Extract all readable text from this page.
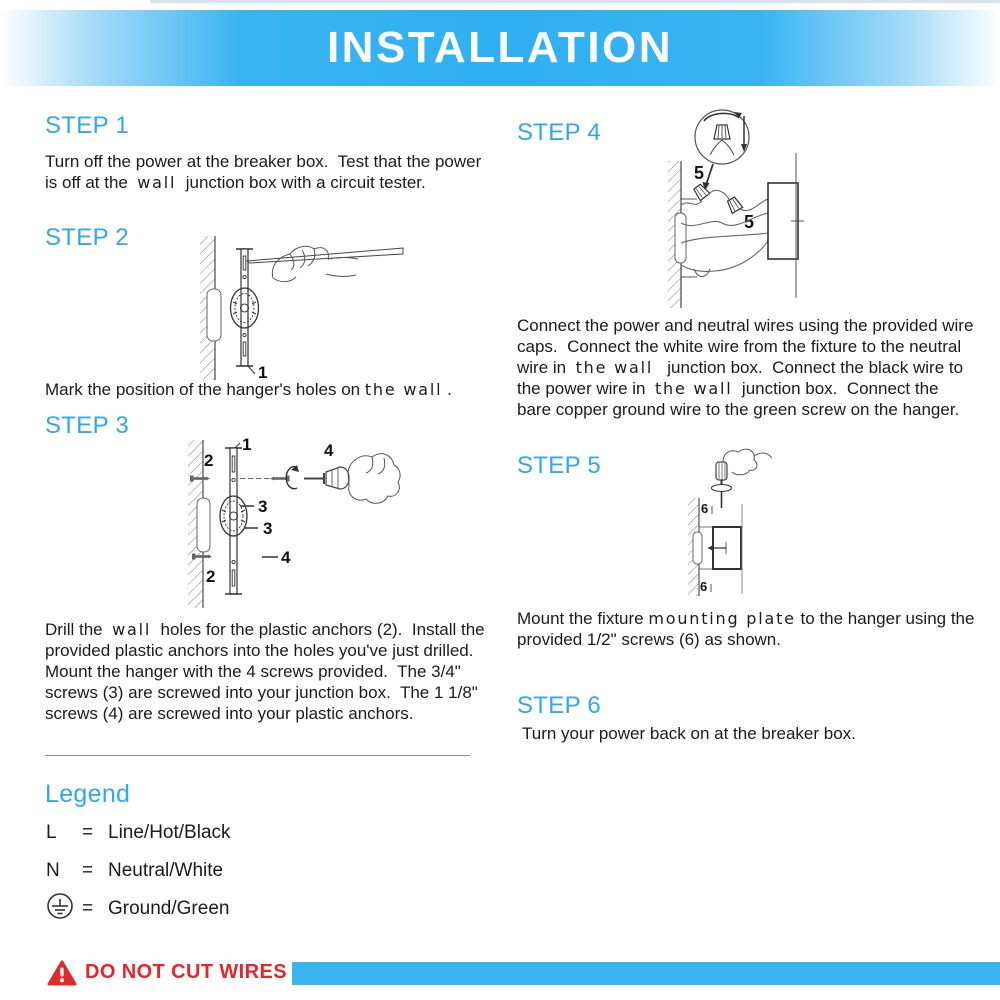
INSTALLATION
STEP 1

Turn off the power at the breaker box.  Test that the power is off at the  wall  junction box with a circuit tester.

STEP 2
1

Mark the position of the hanger's holes on the wall .

STEP 3
1
2
2
3
3
4
4

Drill the  wall  holes for the plastic anchors (2).  Install the provided plastic anchors into the holes you've just drilled.  Mount the hanger with the 4 screws provided.  The 3/4" screws (3) are screwed into your junction box.  The 1 1/8" screws (4) are screwed into your plastic anchors.

Legend
L	= Line/Hot/Black
N	= Neutral/White
= Ground/Green
STEP 4
5
5

Connect the power and neutral wires using the provided wire caps.  Connect the white wire from the fixture to the neutral wire in  the wall   junction box.  Connect the black wire to the power wire in  the wall  junction box.  Connect the bare copper ground wire to the green screw on the hanger.

STEP 5
6
6

Mount the fixture mounting plate to the hanger using the provided 1/2" screws (6) as shown.

STEP 6

Turn your power back on at the breaker box.

DO NOT CUT WIRES
